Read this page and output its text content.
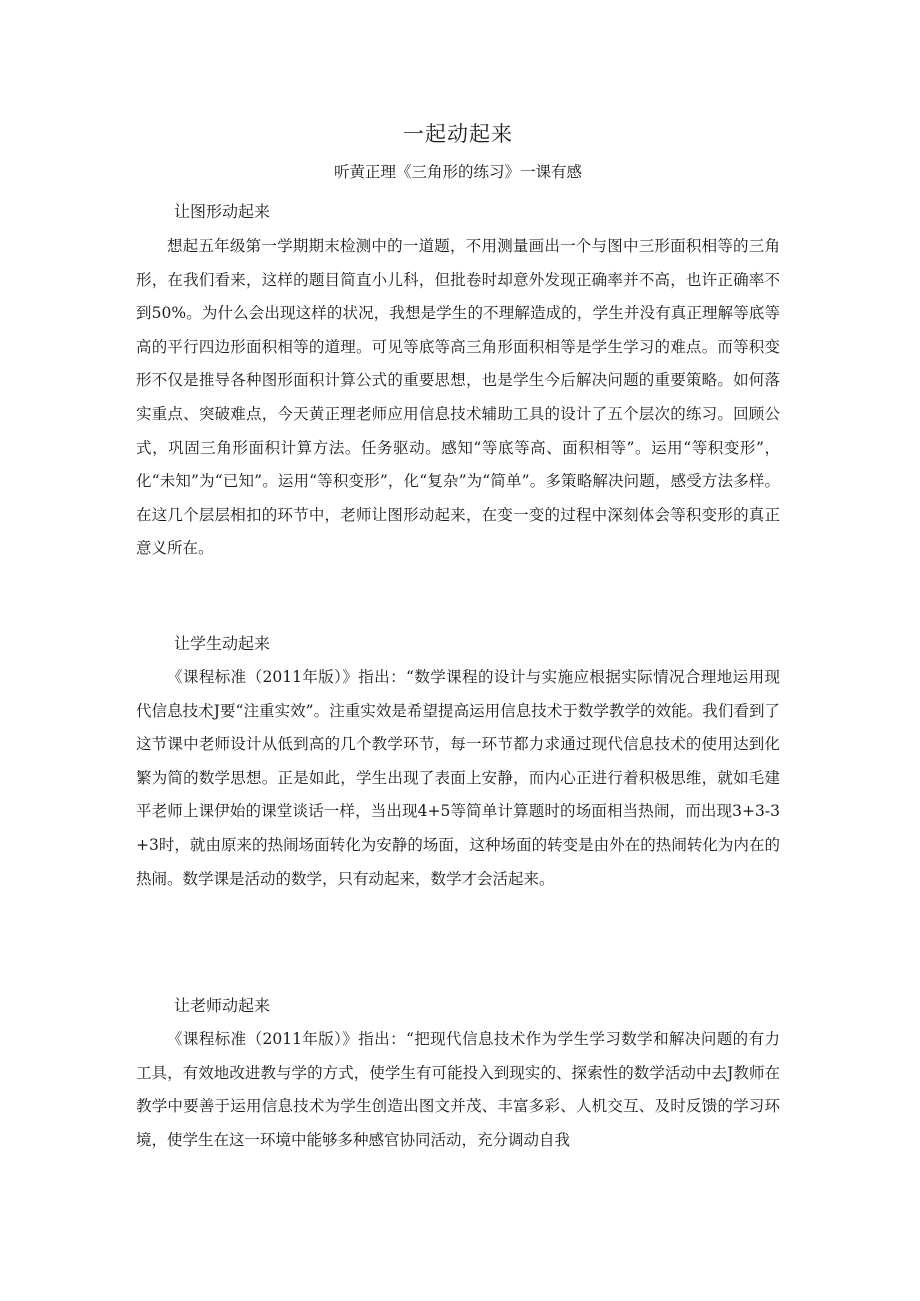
一起动起来

听黄正理《三角形的练习》一课有感

让图形动起来

想起五年级第一学期期末检测中的一道题，不用测量画出一个与图中三形面积相等的三角形，在我们看来，这样的题目简直小儿科，但批卷时却意外发现正确率并不高，也许正确率不到50%。为什么会出现这样的状况，我想是学生的不理解造成的，学生并没有真正理解等底等高的平行四边形面积相等的道理。可见等底等高三角形面积相等是学生学习的难点。而等积变形不仅是推导各种图形面积计算公式的重要思想，也是学生今后解决问题的重要策略。如何落实重点、突破难点，今天黄正理老师应用信息技术辅助工具的设计了五个层次的练习。回顾公式，巩固三角形面积计算方法。任务驱动。感知“等底等高、面积相等”。运用“等积变形”，化“未知”为“已知”。运用“等积变形”，化“复杂”为“简单”。多策略解决问题，感受方法多样。在这几个层层相扣的环节中，老师让图形动起来，在变一变的过程中深刻体会等积变形的真正意义所在。

让学生动起来

《课程标准（2011年版）》指出：“数学课程的设计与实施应根据实际情况合理地运用现代信息技术J要“注重实效”。注重实效是希望提高运用信息技术于数学教学的效能。我们看到了这节课中老师设计从低到高的几个教学环节，每一环节都力求通过现代信息技术的使用达到化繁为简的数学思想。正是如此，学生出现了表面上安静，而内心正进行着积极思维，就如毛建平老师上课伊始的课堂谈话一样，当出现4+5等简单计算题时的场面相当热闹，而出现3+3-3+3时，就由原来的热闹场面转化为安静的场面，这种场面的转变是由外在的热闹转化为内在的热闹。数学课是活动的数学，只有动起来，数学才会活起来。

让老师动起来

《课程标准（2011年版）》指出：“把现代信息技术作为学生学习数学和解决问题的有力工具，有效地改进教与学的方式，使学生有可能投入到现实的、探索性的数学活动中去J教师在教学中要善于运用信息技术为学生创造出图文并茂、丰富多彩、人机交互、及时反馈的学习环境，使学生在这一环境中能够多种感官协同活动，充分调动自我
